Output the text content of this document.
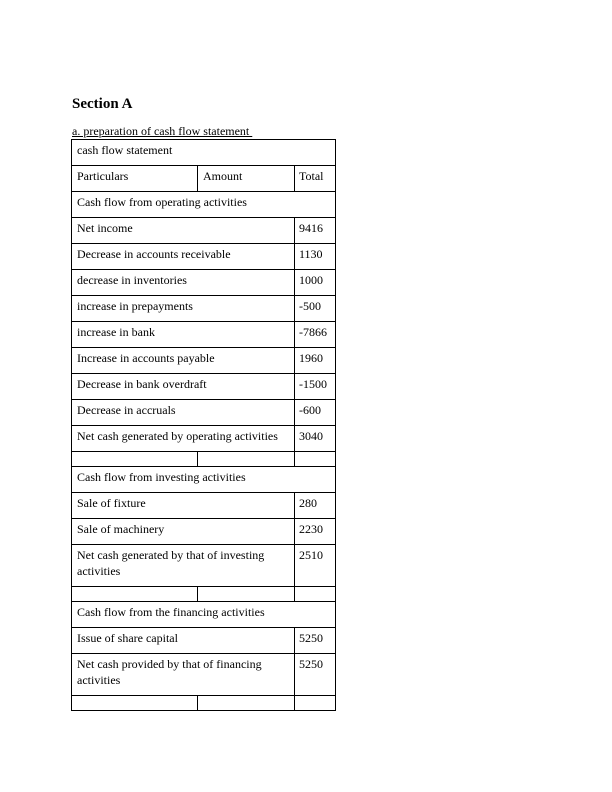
Section A

a. preparation of cash flow statement

cash flow statement		
Particulars	Amount	Total
Cash flow from operating activities		
Net income		9416
Decrease in accounts receivable		1130
decrease in inventories		1000
increase in prepayments		-500
increase in bank		-7866
Increase in accounts payable		1960
Decrease in bank overdraft		-1500
Decrease in accruals		-600
Net cash generated by operating activities		3040

Cash flow from investing activities		
Sale of fixture		280
Sale of machinery		2230
Net cash generated by that of investing activities		2510

Cash flow from the financing activities		
Issue of share capital		5250
Net cash provided by that of financing activities		5250
